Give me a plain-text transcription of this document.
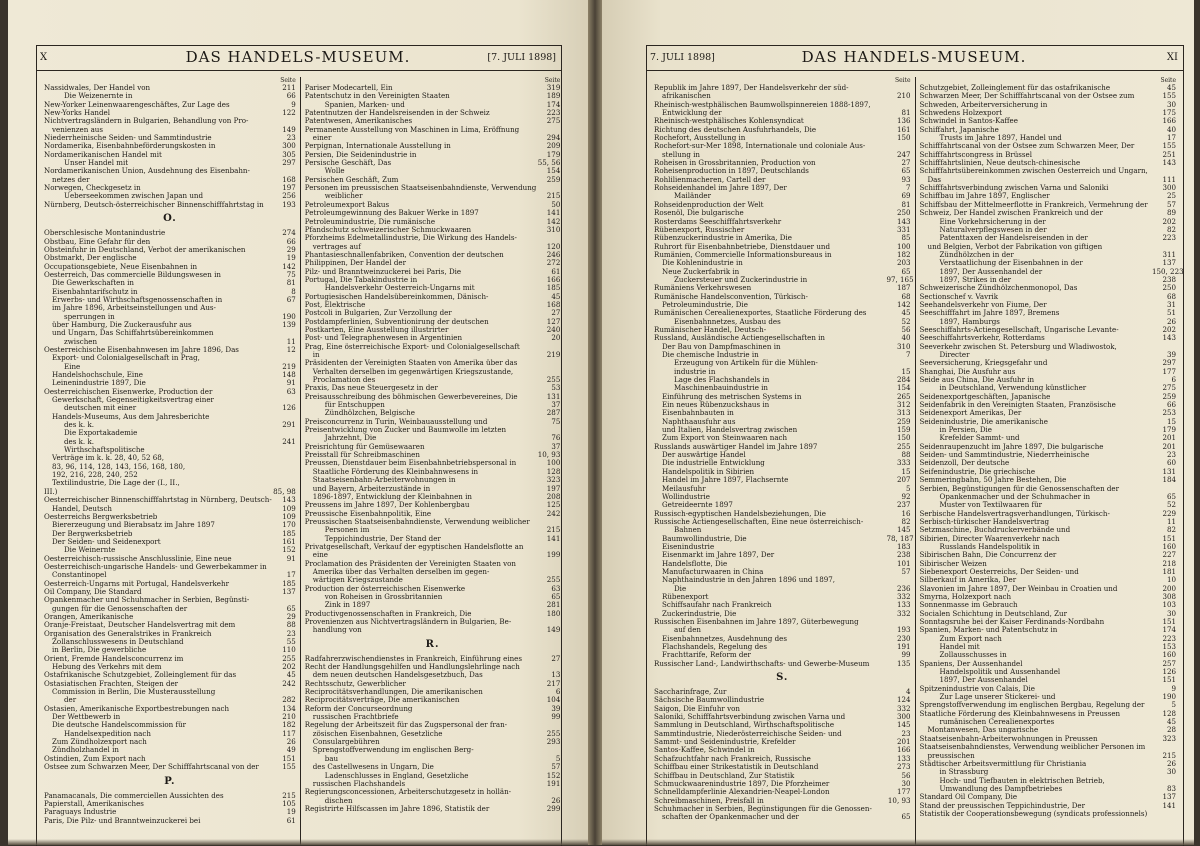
X	DAS HANDELS-MUSEUM.	[7. JULI 1898]
Seite
Nassidwales, Der Handel von	211
Die Weizenernte in	66
New-Yorker Leinenwaarengeschäftes, Zur Lage des	9
New-Yorks Handel	122
Nichtvertragsländern in Bulgarien, Behandlung von Pro-
venienzen aus	149
Niederrheinische Seiden- und Sammtindustrie	23
Nordamerika, Eisenbahnbeförderungskosten in	300
Nordamerikanischen Handel mit	305
Unser Handel mit	297
Nordamerikanischen Union, Ausdehnung des Eisenbahn-
netzes der	168
Norwegen, Checkgesetz in	197
Ueberseekommen zwischen Japan und	256
Nürnberg, Deutsch-österreichischer Binnenschifffahrtstag in	193
O.
Oberschlesische Montanindustrie	274
Obstbau, Eine Gefahr für den	66
Obsteinfuhr in Deutschland, Verbot der amerikanischen	29
Obstmarkt, Der englische	19
Occupationsgebiete, Neue Eisenbahnen in	142
Oesterreich, Das commercielle Bildungswesen in	75
Die Gewerkschaften in	81
Eisenbahntarifschutz in	8
Erwerbs- und Wirthschaftsgenossenschaften in	67
im Jahre 1896, Arbeitseinstellungen und Aus-
sperrungen in	190
über Hamburg, Die Zuckerausfuhr aus	139
und Ungarn, Das Schiffahrtsübereinkommen
zwischen	11
Oesterreichische Eisenbahnwesen im Jahre 1896, Das	12
Export- und Colonialgesellschaft in Prag,
Eine	219
Handelshochschule, Eine	148
Leinenindustrie 1897, Die	91
Oesterreichischen Eisenwerke, Production der	63
Gewerkschaft, Gegenseitigkeitsvertrag einer
deutschen mit einer	126
Handels-Museums, Aus dem Jahresberichte
des k. k.	291
Die Exportakademie
des k. k.	241
Wirthschaftspolitische
Verträge im k. k. 28, 40, 52 68,
83, 96, 114, 128, 143, 156, 168, 180,
192, 216, 228, 240, 252
Textilindustrie, Die Lage der (I., II.,
III.)	85, 98
Oesterreichischer Binnenschifffahrtstag in Nürnberg, Deutsch-	143
Handel, Deutsch	109
Oesterreichs Bergwerksbetrieb	109
Biererzeugung und Bierabsatz im Jahre 1897	170
Der Bergwerksbetrieb	185
Der Seiden- und Seidenexport	161
Die Weinernte	152
Oesterreichisch-russische Anschlusslinie, Eine neue	91
Oesterreichisch-ungarische Handels- und Gewerbekammer in
Constantinopel	17
Oesterreich-Ungarns mit Portugal, Handelsverkehr	185
Oil Company, Die Standard	137
Opankenmacher und Schuhmacher in Serbien, Begünsti-
gungen für die Genossenschaften der	65
Orangen, Amerikanische	29
Oranje-Freistaat, Deutscher Handelsvertrag mit dem	88
Organisation des Generalstrikes in Frankreich	23
Zollanschlusswesens in Deutschland	55
in Berlin, Die gewerbliche	110
Orient, Fremde Handelsconcurrenz im	255
Hebung des Verkehrs mit dem	202
Ostafrikanische Schutzgebiet, Zolleinglement für das	45
Ostasiatischen Frachten, Steigen der	242
Commission in Berlin, Die Musterausstellung
der	282
Ostasien, Amerikanische Exportbestrebungen nach	134
Der Wettbewerb in	210
Die deutsche Handelscommission für	182
Handelsexpedition nach	117
Zum Zündholzexport nach	26
Zündholzhandel in	49
Ostindien, Zum Export nach	151
Ostsee zum Schwarzen Meer, Der Schifffahrtscanal von der	155
P.
Panamacanals, Die commerciellen Aussichten des	215
Papierstall, Amerikanisches	105
Paraguays Industrie	19
Paris, Die Pilz- und Branntweinzuckerei bei	61
Seite
Pariser Modecartell, Ein	319
Patentschutz in den Vereinigten Staaten	189
Spanien, Marken- und	174
Patentnutzen der Handelsreisenden in der Schweiz	223
Patentwesen, Amerikanisches	275
Permanente Ausstellung von Maschinen in Lima, Eröffnung
einer	294
Perpignan, Internationale Ausstellung in	209
Persien, Die Seidenindustrie in	179
Persische Geschäft, Das	55, 56
Wolle	154
Persischen Geschäft, Zum	259
Personen im preussischen Staatseisenbahndienste, Verwendung
weiblicher	215
Petroleumexport Bakus	50
Petroleumgewinnung des Bakuer Werke in 1897	141
Petroleumindustrie, Die rumänische	142
Pfandschutz schweizerischer Schmuckwaaren	310
Pforzheims Edelmetallindustrie, Die Wirkung des Handels-
vertrages auf	120
Phantasieschnallenfabriken, Convention der deutschen	246
Philippinen, Der Handel der	272
Pilz- und Branntweinzuckerei bei Paris, Die	61
Portugal, Die Tabakindustrie in	166
Handelsverkehr Oesterreich-Ungarns mit	185
Portugiesischen Handelsübereinkommen, Dänisch-	45
Post, Elektrische	168
Postcoli in Bulgarien, Zur Verzollung der	27
Postdampferlinien, Subventionirung der deutschen	127
Postkarten, Eine Ausstellung illustrirter	240
Post- und Telegraphenwesen in Argentinien	20
Prag, Eine österreichische Export- und Colonialgesellschaft
in	219
Präsidenten der Vereinigten Staaten von Amerika über das
Verhalten derselben im gegenwärtigen Kriegszustande,
Proclamation des	255
Praxis, Das neue Steuergesetz in der	53
Preisausschreibung des böhmischen Gewerbevereines, Die	131
für Entschuppen	37
Zündhölzchen, Belgische	287
Preisconcurrenz in Turin, Weinbauausstellung und	75
Preisentwicklung von Zucker und Baumwolle im letzten
Jahrzehnt, Die	76
Preisrichtung für Gemüsewaaren	37
Preisstall für Schreibmaschinen	10, 93
Preussen, Dienstdauer beim Eisenbahnbetriebspersonal in	100
Staatliche Förderung des Kleinbahnwesens in	128
Staatseisenbahn-Arbeiterwohnungen in	323
und Bayern, Arbeiterzustände in	197
1896-1897, Entwicklung der Kleinbahnen in	208
Preussens im Jahre 1897, Der Kohlenbergbau	125
Preussische Eisenbahnpolitik, Eine	242
Preussischen Staatseisenbahndienste, Verwendung weiblicher
Personen im	215
Teppichindustrie, Der Stand der	141
Privatgesellschaft, Verkauf der egyptischen Handelsflotte an
eine	199
Proclamation des Präsidenten der Vereinigten Staaten von
Amerika über das Verhalten derselben im gegen-
wärtigen Kriegszustande	255
Production der österreichischen Eisenwerke	63
von Roheisen in Grossbritannien	65
Zink in 1897	281
Productivgenossenschaften in Frankreich, Die	180
Provenienzen aus Nichtvertragsländern in Bulgarien, Be-
handlung von	149
R.
Radfahrerzwischendienstes in Frankreich, Einführung eines	27
Recht der Handlungsgehilfen und Handlungslehrlinge nach
dem neuen deutschen Handelsgesetzbuch, Das	13
Rechtsschutz, Gewerblicher	217
Reciprocitätsverhandlungen, Die amerikanischen	6
Reciprocitätsverträge, Die amerikanischen	104
Reform der Concurseordnung	39
russischen Frachtbriefe	99
Regelung der Arbeitszeit für das Zugspersonal der fran-
zösischen Eisenbahnen, Gesetzliche	255
Consulargebühren	293
Sprengstoffverwendung im englischen Berg-
bau	5
des Castellwesens in Ungarn, Die	57
Ladenschlusses in England, Gesetzliche	152
russischen Flachshandels	191
Regierungsconcessionen, Arbeiterschutzgesetz in hollän-
dischen	26
Registrirte Hilfscassen im Jahre 1896, Statistik der	299
7. JULI 1898]	DAS HANDELS-MUSEUM.	XI
Seite
Republik im Jahre 1897, Der Handelsverkehr der süd-
afrikanischen	210
Rheinisch-westphälischen Baumwollspinnereien 1888-1897,
Entwicklung der	81
Rheinisch-westphälisches Kohlensyndicat	136
Richtung des deutschen Ausfuhrhandels, Die	161
Rochefort, Ausstellung in	150
Rochefort-sur-Mer 1898, Internationale und coloniale Aus-
stellung in	247
Roheisen in Grossbritannien, Production von	27
Roheisenproduction in 1897, Deutschlands	65
Rohlilienmacheren, Cartell der	93
Rohseidenhandel im Jahre 1897, Der	7
Mailänder	69
Rohseidenproduction der Welt	81
Rosenöl, Die bulgarische	250
Rosterdams Seeschifffahrtsverkehr	143
Rübenexport, Russischer	331
Rübenzuckerindustrie in Amerika, Die	85
Ruhrort für Eisenbahnbetriebe, Dienstdauer und	100
Rumänien, Commercielle Informationsbureaus in	182
Die Kohlenindustrie in	203
Neue Zuckerfabrik in	65
Zuckersteuer und Zuckerindustrie in	97, 165
Rumäniens Verkehrswesen	187
Rumänische Handelsconvention, Türkisch-	68
Petroleumindustrie, Die	142
Rumänischen Cerealienexportes, Staatliche Förderung des	45
Eisenbahnnetzes, Ausbau des	52
Rumänischer Handel, Deutsch-	56
Russland, Ausländische Actiengesellschaften in	40
Der Bau von Dampfmaschinen in	310
Die chemische Industrie in	7
Erzeugung von Artikeln für die Mühlen-
industrie in	15
Lage des Flachshandels in	284
Maschinenbauindustrie in	154
Einführung des metrischen Systems in	265
Ein neues Rübenzuckshaus in	312
Eisenbahnbauten in	313
Naphthaausfuhr aus	259
und Italien, Handelsvertrag zwischen	159
Zum Export von Steinwaaren nach	150
Russlands auswärtiger Handel im Jahre 1897	255
Der auswärtige Handel	88
Die industrielle Entwicklung	333
Handelspolitik in Sibirien	15
Handel im Jahre 1897, Flachsernte	207
Meilausfuhr	5
Wollindustrie	92
Getreideernte 1897	237
Russisch-egyptischen Handelsbeziehungen, Die	16
Russische Actiengesellschaften, Eine neue österreichisch-	82
Bahnen	145
Baumwollindustrie, Die	78, 187
Eisenindustrie	183
Eisenmarkt im Jahre 1897, Der	238
Handelsflotte, Die	101
Manufacturwaaren in China	57
Naphthaindustrie in den Jahren 1896 und 1897,
Die	236
Rübenexport	332
Schiffsaufahr nach Frankreich	133
Zuckerindustrie, Die	332
Russischen Eisenbahnen im Jahre 1897, Güterbewegung
auf den	193
Eisenbahnnetzes, Ausdehnung des	230
Flachshandels, Regelung des	191
Frachttarife, Reform der	99
Russischer Land-, Landwirthschafts- und Gewerbe-Museum	135
S.
Saccharinfrage, Zur	4
Sächsische Baumwollindustrie	124
Saigon, Die Einfuhr von	332
Saloniki, Schifffahrtsverbindung zwischen Varna und	300
Sammlung in Deutschland, Wirthschaftspolitische	145
Sammtindustrie, Niederösterreichische Seiden- und	23
Sammt- und Seidenindustrie, Krefelder	201
Santos-Kaffee, Schwindel in	166
Schafzuchtfahr nach Frankreich, Russische	133
Schiffbau einer Strikestatistik in Deutschland	273
Schiffbau in Deutschland, Zur Statistik	56
Schmuckwaarenindustrie 1897, Die Pforzheimer	30
Schnelldampferlinie Alexandrien-Neapel-London	177
Schreibmaschinen, Preisfall in	10, 93
Schuhmacher in Serbien, Begünstigungen für die Genossen-
schaften der Opankenmacher und der	65
Seite
Schutzgebiet, Zolleinglement für das ostafrikanische	45
Schwarzen Meer, Der Schifffahrtscanal von der Ostsee zum	155
Schweden, Arbeiterversicherung in	30
Schwedens Holzexport	175
Schwindel in Santos-Kaffee	166
Schiffahrt, Japanische	40
Trusts im Jahre 1897, Handel und	17
Schifffahrtscanal von der Ostsee zum Schwarzen Meer, Der	155
Schifffahrtscongress in Brüssel	251
Schifffahrtslinien, Neue deutsch-chinesische	143
Schifffahrtsübereinkommen zwischen Oesterreich und Ungarn,
Das	111
Schifffahrtsverbindung zwischen Varna und Saloniki	300
Schiffbau im Jahre 1897, Englischer	25
Schiffsbau der Mittelmeerflotte in Frankreich, Vermehrung der	57
Schweiz, Der Handel zwischen Frankreich und der	89
Eine Vorkehrsicherung in der	202
Naturalverpflegswesen in der	82
Patenttaxen der Handelsreisenden in der	223
und Belgien, Verbot der Fabrikation von giftigen
Zündhölzchen in der	311
Verstaatlichung der Eisenbahnen in der	137
1897, Der Aussenhandel der	150, 223
1897, Strikes in der	238
Schweizerische Zündhölzchenmonopol, Das	250
Sectionschef v. Vavrik	68
Seehandelsverkehr von Fiume, Der	31
Seeschifffahrt im Jahre 1897, Bremens	51
1897, Hamburgs	26
Seeschiffahrts-Actiengesellschaft, Ungarische Levante-	202
Seeschiffahrtsverkehr, Rotterdams	143
Seeverkehr zwischen St. Petersburg und Wladiwostok,
Directer	39
Seeversicherung, Kriegsgefahr und	297
Shanghai, Die Ausfuhr aus	177
Seide aus China, Die Ausfuhr in	6
in Deutschland, Verwendung künstlicher	275
Seidenexportgeschäften, Japanische	259
Seidenfabrik in den Vereinigten Staaten, Französische	66
Seidenexport Amerikas, Der	253
Seidenindustrie, Die amerikanische	15
in Persien, Die	179
Krefelder Sammt- und	201
Seidenraupenzucht im Jahre 1897, Die bulgarische	201
Seiden- und Sammtindustrie, Niederrheinische	23
Seidenzoll, Der deutsche	60
Seifenindustrie, Die griechische	131
Semmeringbahn, 50 Jahre Bestehen, Die	184
Serbien, Begünstigungen für die Genossenschaften der
Opankenmacher und der Schuhmacher in	65
Muster von Textilwaaren für	52
Serbische Handelsvertragsverhandlungen, Türkisch-	229
Serbisch-türkischer Handelsvertrag	11
Setzmaschine, Buchdruckerverbände und	82
Sibirien, Directer Waarenverkehr nach	151
Russlands Handelspolitik in	160
Sibirischen Bahn, Die Concurrenz der	227
Sibirischer Weizen	218
Siebenexport Oesterreichs, Der Seiden- und	181
Silberkauf in Amerika, Der	10
Slavonien im Jahre 1897, Der Weinbau in Croatien und	200
Smyrna, Holzexport nach	308
Sonnenmasse im Gebrauch	103
Socialen Schichtung in Deutschland, Zur	30
Sonntagsruhe bei der Kaiser Ferdinands-Nordbahn	151
Spanien, Marken- und Patentschutz in	174
Zum Export nach	223
Handel mit	153
Zollausschusses in	160
Spaniens, Der Aussenhandel	257
Handelspolitik und Aussenhandel	126
1897, Der Aussenhandel	151
Spitzenindustrie von Calais, Die	9
Zur Lage unserer Stickerei- und	190
Sprengstoffverwendung im englischen Bergbau, Regelung der	5
Staatliche Förderung des Kleinbahnwesens in Preussen	128
rumänischen Cerealienexportes	45
Montanwesen, Das ungarische	28
Staatseisenbahn-Arbeiterwohnungen in Preussen	323
Staatseisenbahndienstes, Verwendung weiblicher Personen im
preussischen	215
Städtischer Arbeitsvermittlung für Christiania	26
in Strassburg	30
Hoch- und Tiefbauten in elektrischen Betrieb,
Umwandlung des Dampfbetriebes	83
Standard Oil Company, Die	137
Stand der preussischen Teppichindustrie, Der	141
Statistik der Cooperationsbewegung (syndicats professionnels)
